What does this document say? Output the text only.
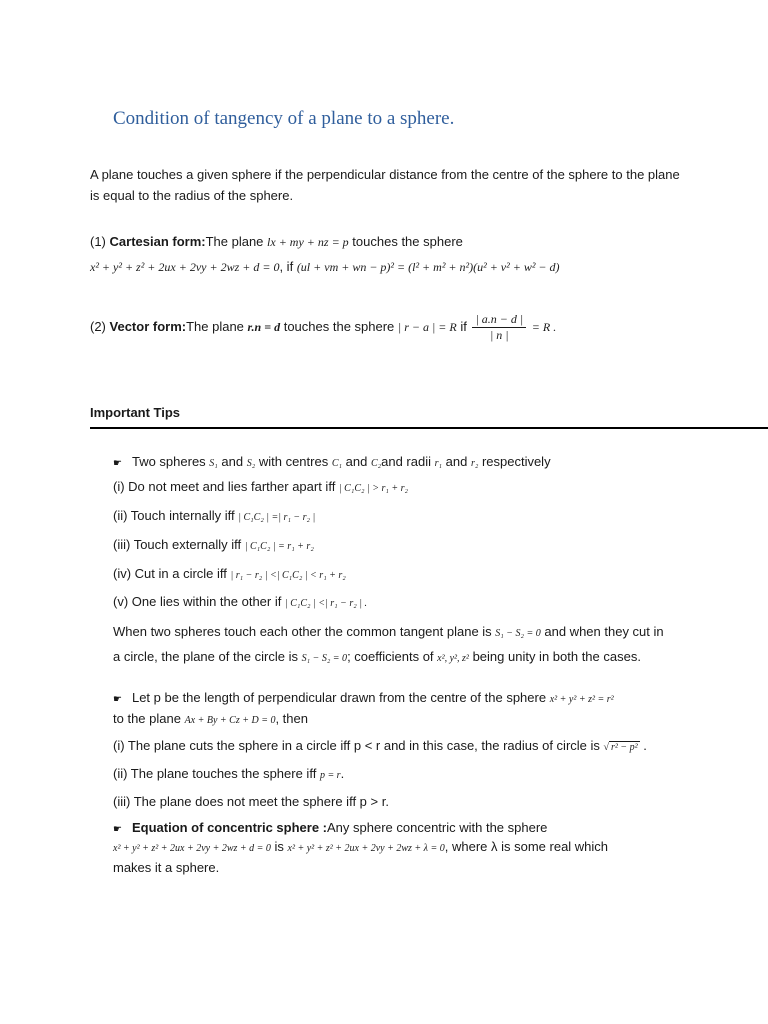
Condition of tangency of a plane to a sphere.
A plane touches a given sphere if the perpendicular distance from the centre of the sphere to the plane is equal to the radius of the sphere.
(1) Cartesian form:The plane lx + my + nz = p touches the sphere
x² + y² + z² + 2ux + 2vy + 2wz + d = 0, if (ul + vm + wn − p)² = (l² + m² + n²)(u² + v² + w² − d)
(2) Vector form:The plane r.n = d touches the sphere | r − a | = R if $\frac{| a.n - d |}{| n |} = R$ .
Important Tips
☛ Two spheres S₁ and S₂ with centres C₁ and C₂and radii r₁ and r₂ respectively
(i) Do not meet and lies farther apart iff | C₁C₂ | > r₁ + r₂
(ii) Touch internally iff | C₁C₂ | =| r₁ − r₂ |
(iii) Touch externally iff | C₁C₂ | = r₁ + r₂
(iv) Cut in a circle iff | r₁ − r₂ | <| C₁C₂ | < r₁ + r₂
(v) One lies within the other if | C₁C₂ | <| r₁ − r₂ | .
When two spheres touch each other the common tangent plane is S₁ − S₂ = 0 and when they cut in a circle, the plane of the circle is S₁ − S₂ = 0; coefficients of x², y², z² being unity in both the cases.
☛ Let p be the length of perpendicular drawn from the centre of the sphere x² + y² + z² = r²
to the plane Ax + By + Cz + D = 0, then
(i) The plane cuts the sphere in a circle iff p < r and in this case, the radius of circle is √ r² − p² .
(ii) The plane touches the sphere iff p = r.
(iii) The plane does not meet the sphere iff p > r.
☛ Equation of concentric sphere :Any sphere concentric with the sphere
x² + y² + z² + 2ux + 2vy + 2wz + d = 0 is x² + y² + z² + 2ux + 2vy + 2wz + λ = 0, where λ is some real which
makes it a sphere.
